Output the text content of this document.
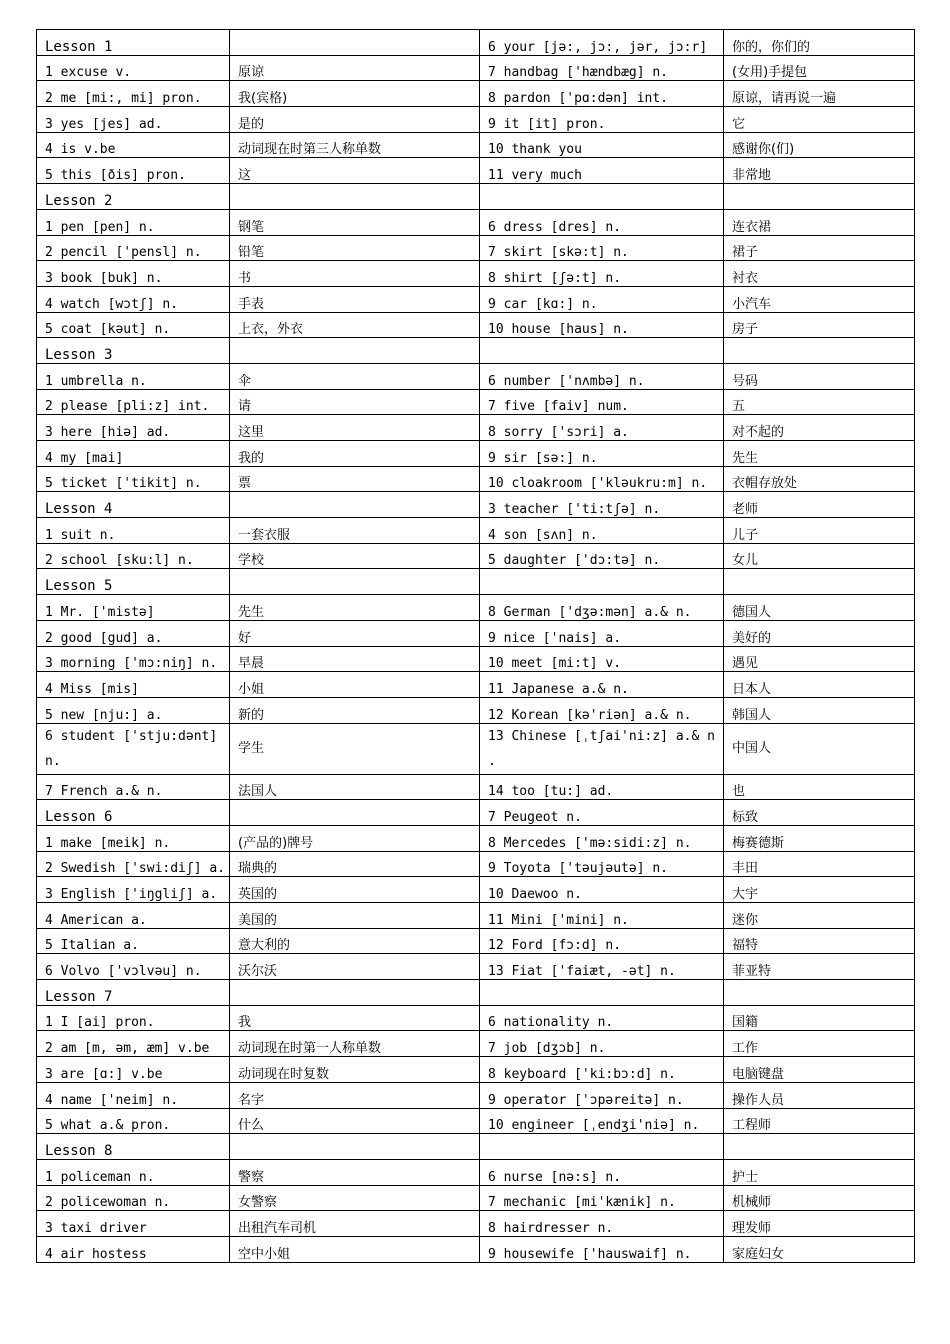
Lesson 1		6 your [jə:, jɔ:, jər, jɔ:r]	你的，你们的
1 excuse v.	原谅	7 handbag ['hændbæg] n.	(女用)手提包
2 me [mi:, mi] pron.	我(宾格)	8 pardon ['pɑ:dən] int.	原谅，请再说一遍
3 yes [jes] ad.	是的	9 it [it] pron.	它
4 is v.be	动词现在时第三人称单数	10 thank you	感谢你(们)
5 this [ðis] pron.	这	11 very much	非常地
Lesson 2			
1 pen [pen] n.	钢笔	6 dress [dres] n.	连衣裙
2 pencil ['pensl] n.	铅笔	7 skirt [skə:t] n.	裙子
3 book [buk] n.	书	8 shirt [ʃə:t] n.	衬衣
4 watch [wɔtʃ] n.	手表	9 car [kɑ:] n.	小汽车
5 coat [kəut] n.	上衣，外衣	10 house [haus] n.	房子
Lesson 3			
1 umbrella n.	伞	6 number ['nʌmbə] n.	号码
2 please [pli:z] int.	请	7 five [faiv] num.	五
3 here [hiə] ad.	这里	8 sorry ['sɔri] a.	对不起的
4 my [mai]	我的	9 sir [sə:] n.	先生
5 ticket ['tikit] n.	票	10 cloakroom ['kləukru:m] n.	衣帽存放处
Lesson 4		3 teacher ['ti:tʃə] n.	老师
1 suit n.	一套衣服	4 son [sʌn] n.	儿子
2 school [sku:l] n.	学校	5 daughter ['dɔ:tə] n.	女儿
Lesson 5			
1 Mr. ['mistə]	先生	8 German ['dʒə:mən] a.& n.	德国人
2 good [gud] a.	好	9 nice ['nais] a.	美好的
3 morning ['mɔ:niŋ] n.	早晨	10 meet [mi:t] v.	遇见
4 Miss [mis]	小姐	11 Japanese a.& n.	日本人
5 new [nju:] a.	新的	12 Korean [kə'riən] a.& n.	韩国人
6 student ['stju:dənt] n.	学生	13 Chinese [ˌtʃai'ni:z] a.& n .	中国人
7 French a.& n.	法国人	14 too [tu:] ad.	也
Lesson 6		7 Peugeot n.	标致
1 make [meik] n.	(产品的)牌号	8 Mercedes ['mə:sidi:z] n.	梅赛德斯
2 Swedish ['swi:diʃ] a.	瑞典的	9 Toyota ['təujəutə] n.	丰田
3 English ['iŋgliʃ] a.	英国的	10 Daewoo n.	大宇
4 American a.	美国的	11 Mini ['mini] n.	迷你
5 Italian a.	意大利的	12 Ford [fɔ:d] n.	福特
6 Volvo ['vɔlvəu] n.	沃尔沃	13 Fiat ['faiæt, -ət] n.	菲亚特
Lesson 7			
1 I [ai] pron.	我	6 nationality n.	国籍
2 am [m, əm, æm] v.be	动词现在时第一人称单数	7 job [dʒɔb] n.	工作
3 are [ɑ:] v.be	动词现在时复数	8 keyboard ['ki:bɔ:d] n.	电脑键盘
4 name ['neim] n.	名字	9 operator ['ɔpəreitə] n.	操作人员
5 what a.& pron.	什么	10 engineer [ˌendʒi'niə] n.	工程师
Lesson 8			
1 policeman n.	警察	6 nurse [nə:s] n.	护士
2 policewoman n.	女警察	7 mechanic [mi'kænik] n.	机械师
3 taxi driver	出租汽车司机	8 hairdresser n.	理发师
4 air hostess	空中小姐	9 housewife ['hauswaif] n.	家庭妇女
